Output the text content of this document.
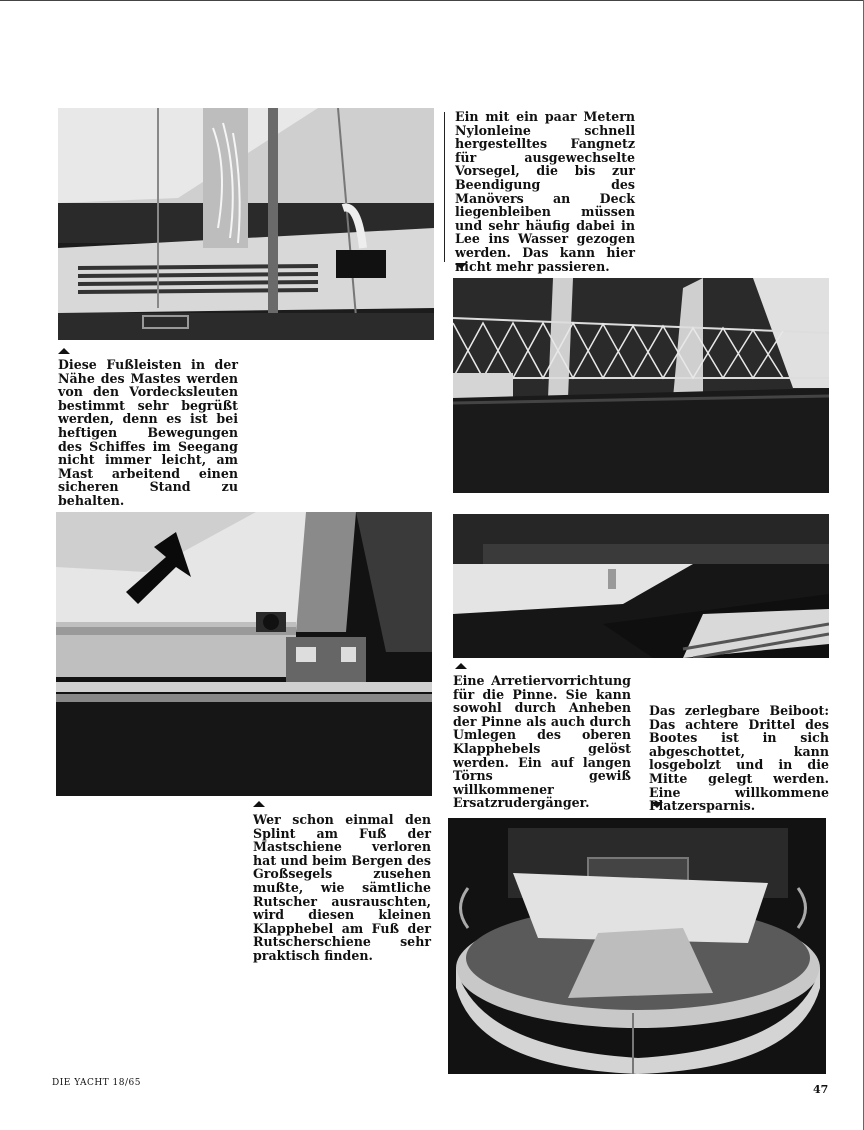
Diese Fußleisten in der Nähe des Mastes werden von den Vordecksleuten bestimmt sehr begrüßt werden, denn es ist bei heftigen Bewegungen des Schiffes im Seegang nicht immer leicht, am Mast arbeitend einen sicheren Stand zu behalten.

Ein mit ein paar Metern Nylonleine schnell hergestelltes Fangnetz für ausgewechselte Vorsegel, die bis zur Beendigung des Manövers an Deck liegenbleiben müssen und sehr häufig dabei in Lee ins Wasser gezogen werden. Das kann hier nicht mehr passieren.

Eine Arretiervorrichtung für die Pinne. Sie kann sowohl durch Anheben der Pinne als auch durch Umlegen des oberen Klapphebels gelöst werden. Ein auf langen Törns gewiß willkommener Ersatzrudergänger.

Das zerlegbare Beiboot: Das achtere Drittel des Bootes ist in sich abgeschottet, kann losgebolzt und in die Mitte gelegt werden. Eine willkommene Platzersparnis.

Wer schon einmal den Splint am Fuß der Mastschiene verloren hat und beim Bergen des Großsegels zusehen mußte, wie sämtliche Rutscher ausrauschten, wird diesen kleinen Klapphebel am Fuß der Rutscherschiene sehr praktisch finden.

DIE YACHT 18/65	47
